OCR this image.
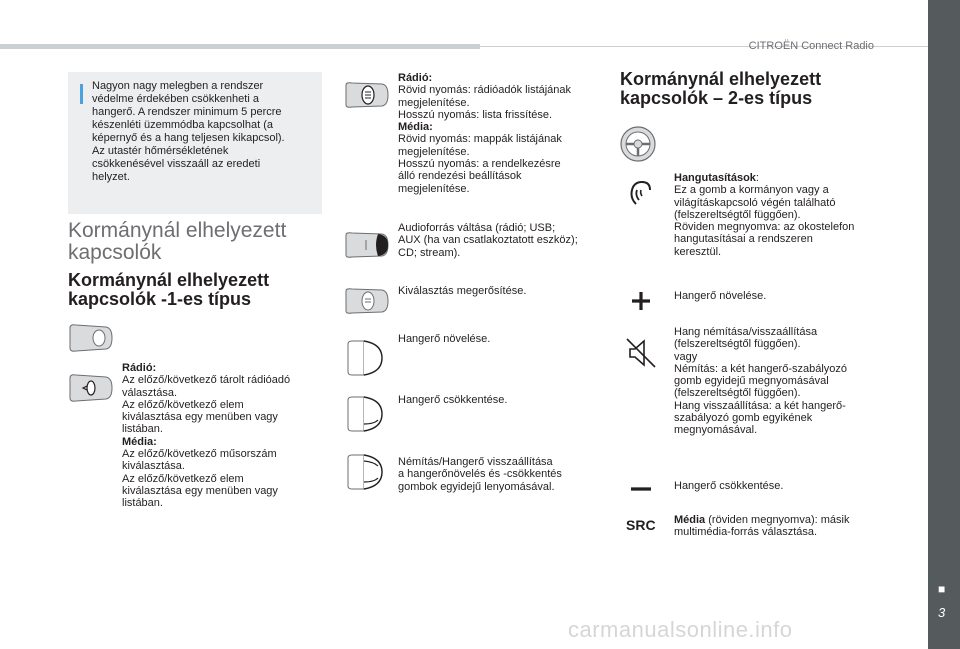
CITROËN Connect Radio
Nagyon nagy melegben a rendszer
védelme érdekében csökkenheti a
hangerő. A rendszer minimum 5 percre
készenléti üzemmódba kapcsolhat (a
képernyő és a hang teljesen kikapcsol).
Az utastér hőmérsékletének
csökkenésével visszaáll az eredeti
helyzet.
Kormánynál elhelyezett
kapcsolók
Kormánynál elhelyezett
kapcsolók -1-es típus
Rádió:
Az előző/következő tárolt rádióadó
választása.
Az előző/következő elem
kiválasztása egy menüben vagy
listában.
Média:
Az előző/következő műsorszám
kiválasztása.
Az előző/következő elem
kiválasztása egy menüben vagy
listában.
Rádió:
Rövid nyomás: rádióadók listájának
megjelenítése.
Hosszú nyomás: lista frissítése.
Média:
Rövid nyomás: mappák listájának
megjelenítése.
Hosszú nyomás: a rendelkezésre
álló rendezési beállítások
megjelenítése.
Audioforrás váltása (rádió; USB;
AUX (ha van csatlakoztatott eszköz);
CD; stream).
Kiválasztás megerősítése.
Hangerő növelése.
Hangerő csökkentése.
Némítás/Hangerő visszaállítása
a hangerőnövelés és -csökkentés
gombok egyidejű lenyomásával.
Kormánynál elhelyezett
kapcsolók – 2-es típus
SRC
Hangutasítások:
Ez a gomb a kormányon vagy a
világításkapcsoló végén található
(felszereltségtől függően).
Röviden megnyomva: az okostelefon
hangutasításai a rendszeren
keresztül.
Hangerő növelése.
Hang némítása/visszaállítása
(felszereltségtől függően).
vagy
Némítás: a két hangerő-szabályozó
gomb egyidejű megnyomásával
(felszereltségtől függően).
Hang visszaállítása: a két hangerő-
szabályozó gomb egyikének
megnyomásával.
Hangerő csökkentése.
Média (röviden megnyomva): másik
multimédia-forrás választása.
■
3
carmanualsonline.info
